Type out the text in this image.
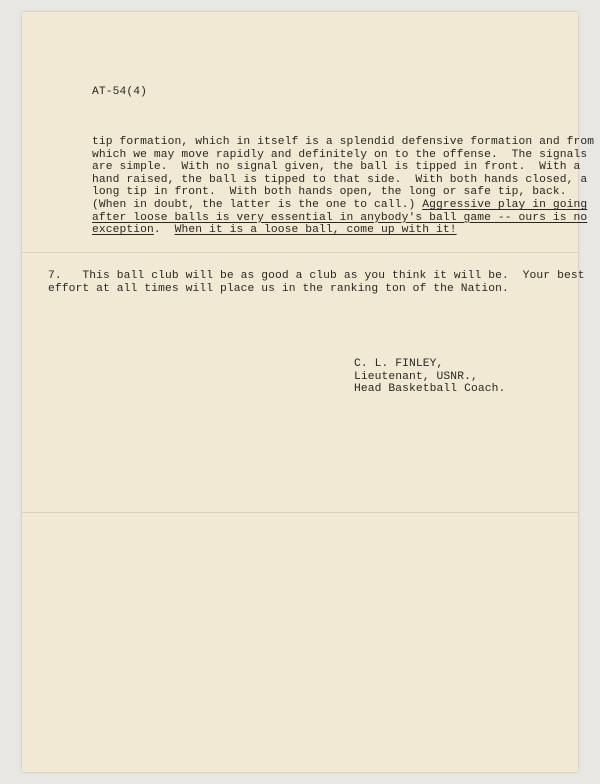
AT-54(4)
tip formation, which in itself is a splendid defensive formation and from
which we may move rapidly and definitely on to the offense.  The signals
are simple.  With no signal given, the ball is tipped in front.  With a
hand raised, the ball is tipped to that side.  With both hands closed, a
long tip in front.  With both hands open, the long or safe tip, back.
(When in doubt, the latter is the one to call.) Aggressive play in going
after loose balls is very essential in anybody's ball game -- ours is no
exception.  When it is a loose ball, come up with it!
7.   This ball club will be as good a club as you think it will be.  Your best
effort at all times will place us in the ranking ton of the Nation.
C. L. FINLEY,
Lieutenant, USNR.,
Head Basketball Coach.
